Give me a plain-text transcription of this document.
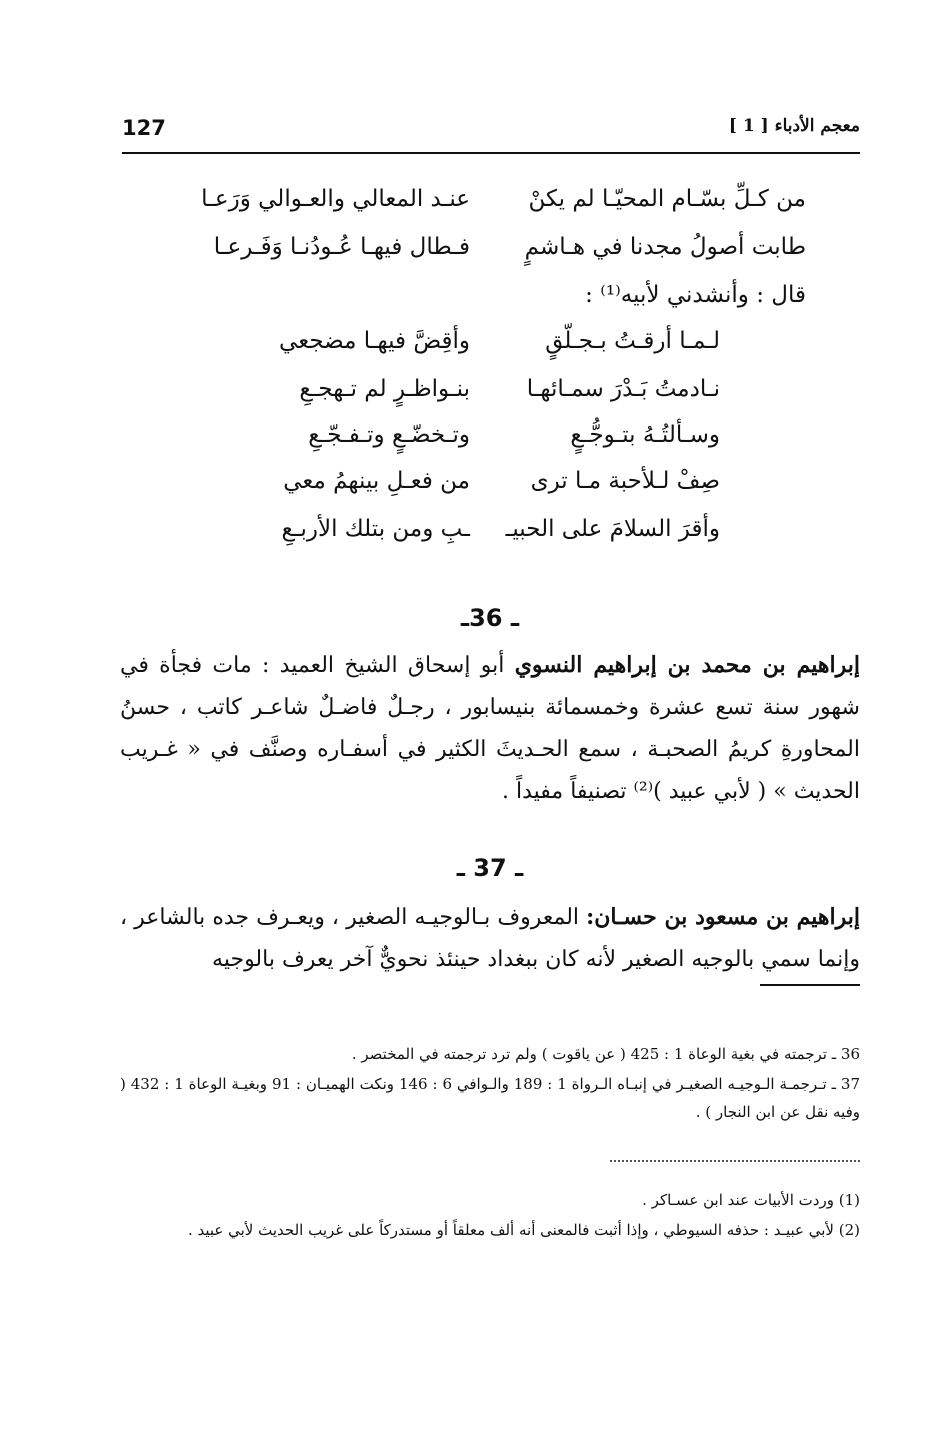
127	معجم الأدباء [ 1 ]
من كـلِّ بسّـام المحيّـا لم يكنْ
عنـد المعالي والعـوالي وَرَعـا
طابت أصولُ مجدنا في هـاشمٍ
فـطال فيهـا عُـودُنـا وَفَـرعـا
قال : وأنشدني لأبيه⁽¹⁾ :
لـمـا أرقـتُ بـجـلّقٍ
وأقِضَّ فيهـا مضجعي
نـادمتُ بَـدْرَ سمـائهـا
بنـواظـرٍ لم تـهجـعِ
وسـألتُـهُ بتـوجُّـعٍ
وتـخضّـعٍ وتـفـجّـعِ
صِفْ لـلأحبة مـا ترى
من فعـلِ بينهمُ معي
وأقرَ السلامَ على الحبيـ
ـبِ ومن بتلك الأربـعِ
ـ 36ـ
إبراهيم بن محمد بن إبراهيم النسوي أبو إسحاق الشيخ العميد : مات فجأة في شهور سنة تسع عشرة وخمسمائة بنيسابور ، رجـلٌ فاضـلٌ شاعـر كاتب ، حسنُ المحاورةِ كريمُ الصحبـة ، سمع الحـديثَ الكثير في أسفـاره وصنَّف في « غـريب الحديث » ( لأبي عبيد )⁽²⁾ تصنيفاً مفيداً .
ـ 37 ـ
إبراهيم بن مسعود بن حسـان: المعروف بـالوجيـه الصغير ، ويعـرف جده بالشاعر ، وإنما سمي بالوجيه الصغير لأنه كان ببغداد حينئذ نحويٌّ آخر يعرف بالوجيه
36 ـ ترجمته في بغية الوعاة 1 : 425 ( عن ياقوت ) ولم ترد ترجمته في المختصر .
37 ـ تـرجمـة الـوجيـه الصغيـر في إنبـاه الـرواة 1 : 189 والـوافي 6 : 146 ونكت الهميـان : 91 وبغيـة الوعاة 1 : 432 ( وفيه نقل عن ابن النجار ) .
(1) وردت الأبيات عند ابن عسـاكر .
(2) لأبي عبيـد : حذفه السيوطي ، وإذا أثبت فالمعنى أنه ألف معلقاً أو مستدركاً على غريب الحديث لأبي عبيد .
